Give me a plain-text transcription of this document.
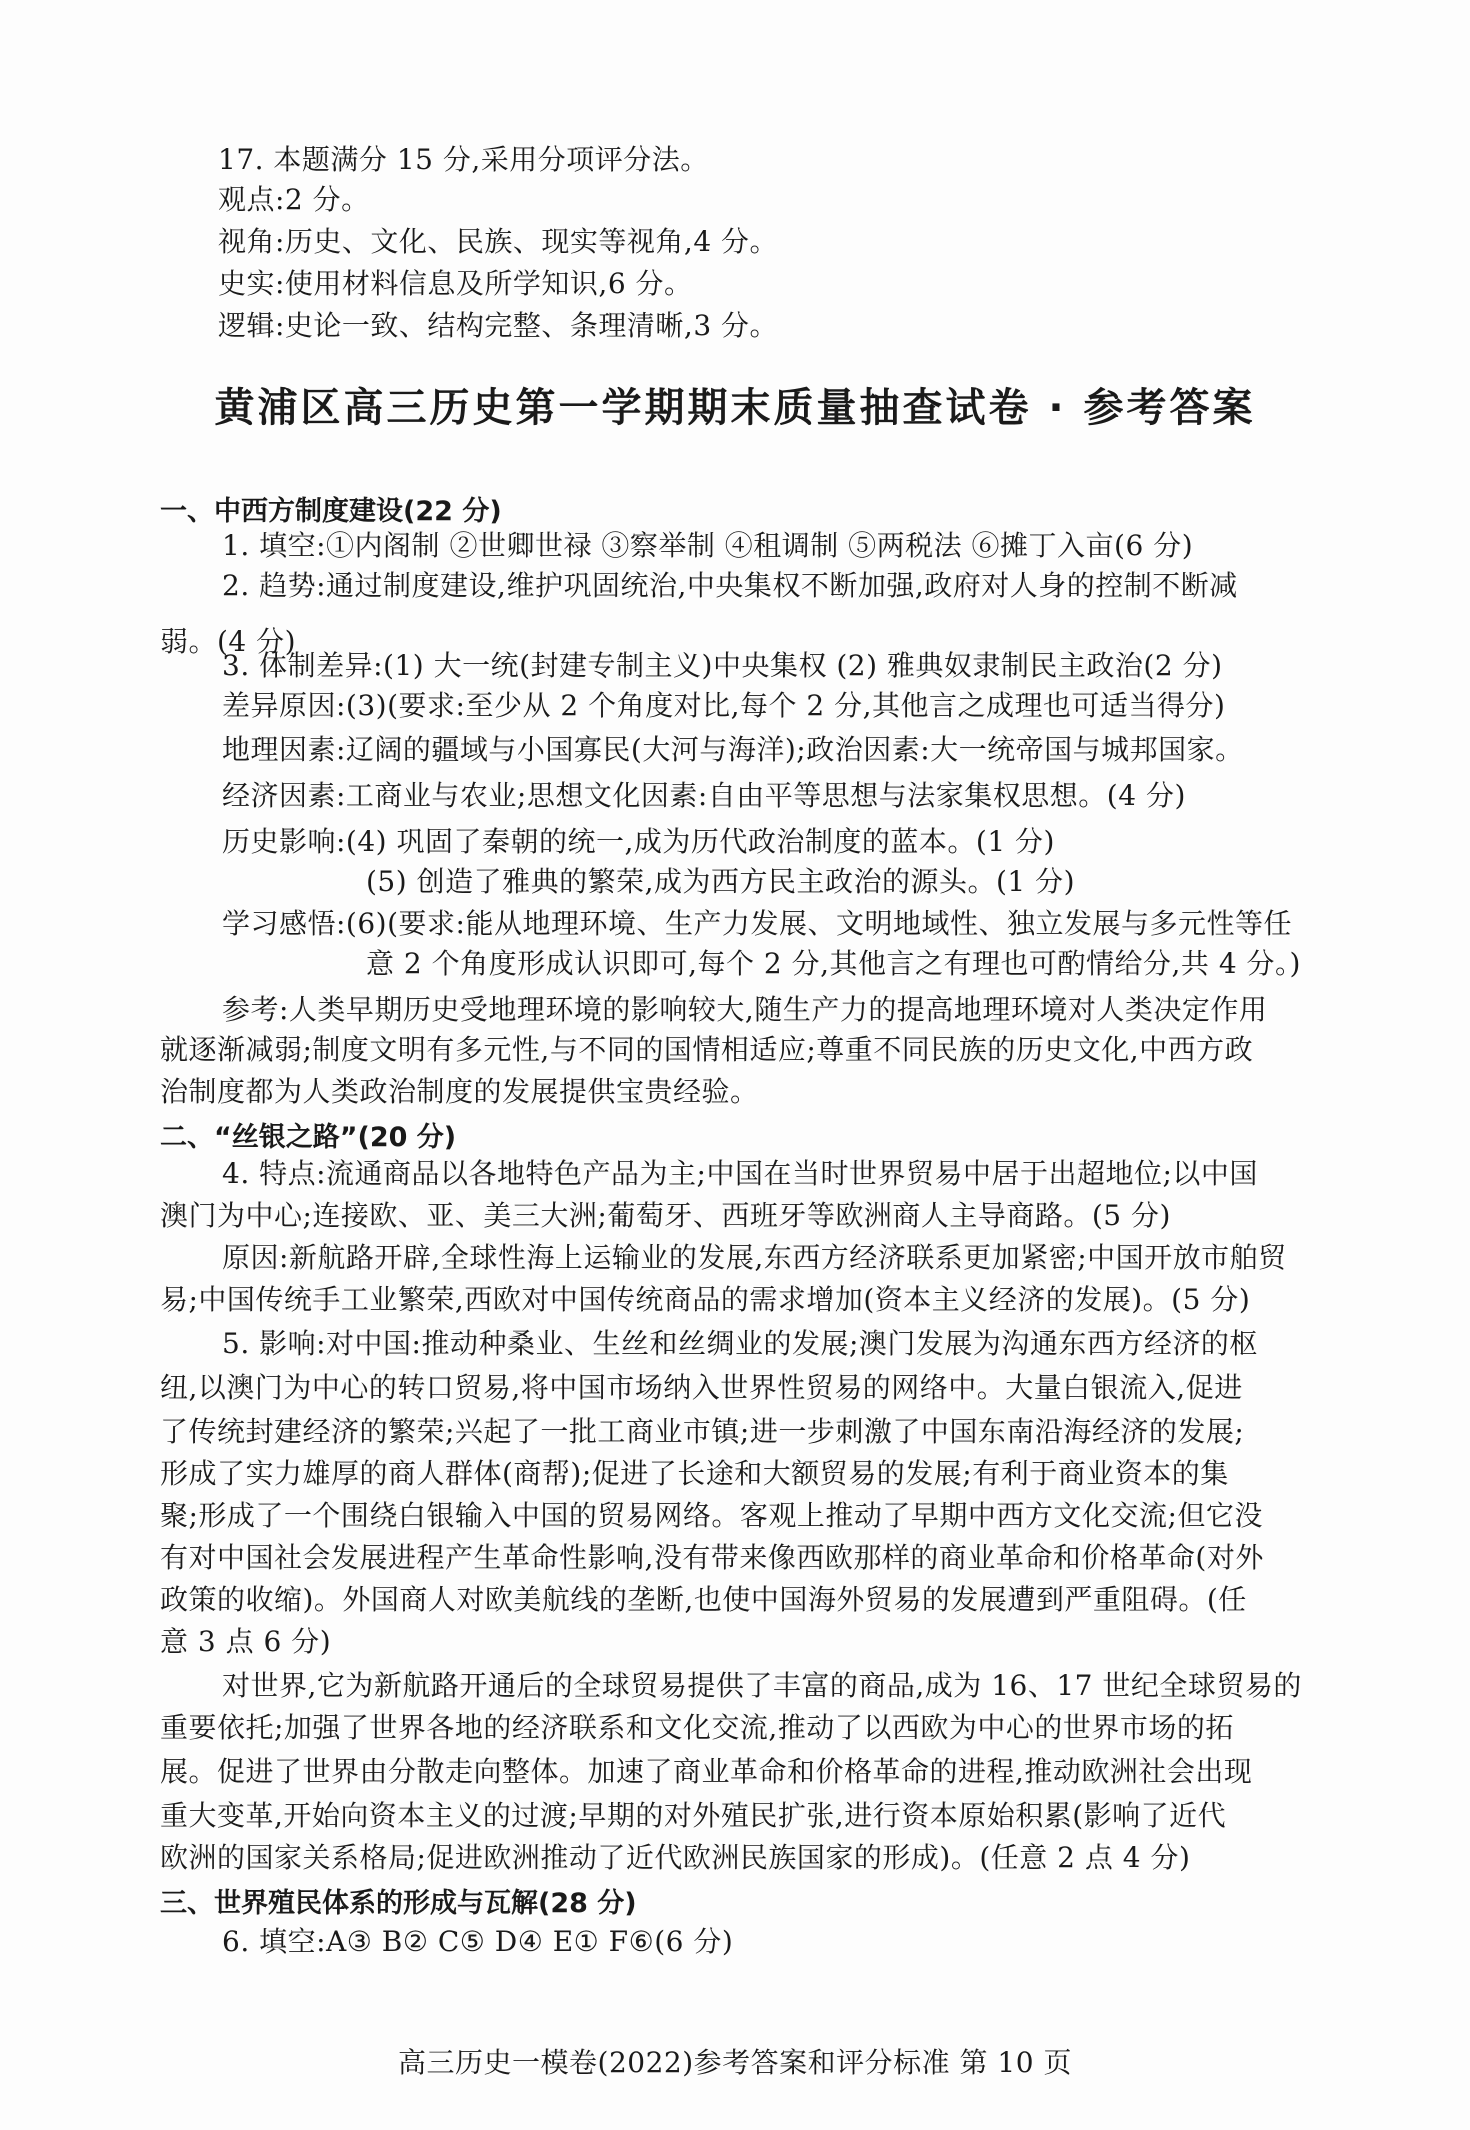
17. 本题满分 15 分,采用分项评分法。
观点:2 分。
视角:历史、文化、民族、现实等视角,4 分。
史实:使用材料信息及所学知识,6 分。
逻辑:史论一致、结构完整、条理清晰,3 分。
黄浦区高三历史第一学期期末质量抽查试卷 · 参考答案
一、中西方制度建设(22 分)
1. 填空:①内阁制 ②世卿世禄 ③察举制 ④租调制 ⑤两税法 ⑥摊丁入亩(6 分)
2. 趋势:通过制度建设,维护巩固统治,中央集权不断加强,政府对人身的控制不断减
弱。(4 分)
3. 体制差异:(1) 大一统(封建专制主义)中央集权 (2) 雅典奴隶制民主政治(2 分)
差异原因:(3)(要求:至少从 2 个角度对比,每个 2 分,其他言之成理也可适当得分)
地理因素:辽阔的疆域与小国寡民(大河与海洋);政治因素:大一统帝国与城邦国家。
经济因素:工商业与农业;思想文化因素:自由平等思想与法家集权思想。(4 分)
历史影响:(4) 巩固了秦朝的统一,成为历代政治制度的蓝本。(1 分)
(5) 创造了雅典的繁荣,成为西方民主政治的源头。(1 分)
学习感悟:(6)(要求:能从地理环境、生产力发展、文明地域性、独立发展与多元性等任
意 2 个角度形成认识即可,每个 2 分,其他言之有理也可酌情给分,共 4 分。)
参考:人类早期历史受地理环境的影响较大,随生产力的提高地理环境对人类决定作用
就逐渐减弱;制度文明有多元性,与不同的国情相适应;尊重不同民族的历史文化,中西方政
治制度都为人类政治制度的发展提供宝贵经验。
二、“丝银之路”(20 分)
4. 特点:流通商品以各地特色产品为主;中国在当时世界贸易中居于出超地位;以中国
澳门为中心;连接欧、亚、美三大洲;葡萄牙、西班牙等欧洲商人主导商路。(5 分)
原因:新航路开辟,全球性海上运输业的发展,东西方经济联系更加紧密;中国开放市舶贸
易;中国传统手工业繁荣,西欧对中国传统商品的需求增加(资本主义经济的发展)。(5 分)
5. 影响:对中国:推动种桑业、生丝和丝绸业的发展;澳门发展为沟通东西方经济的枢
纽,以澳门为中心的转口贸易,将中国市场纳入世界性贸易的网络中。大量白银流入,促进
了传统封建经济的繁荣;兴起了一批工商业市镇;进一步刺激了中国东南沿海经济的发展;
形成了实力雄厚的商人群体(商帮);促进了长途和大额贸易的发展;有利于商业资本的集
聚;形成了一个围绕白银输入中国的贸易网络。客观上推动了早期中西方文化交流;但它没
有对中国社会发展进程产生革命性影响,没有带来像西欧那样的商业革命和价格革命(对外
政策的收缩)。外国商人对欧美航线的垄断,也使中国海外贸易的发展遭到严重阻碍。(任
意 3 点 6 分)
对世界,它为新航路开通后的全球贸易提供了丰富的商品,成为 16、17 世纪全球贸易的
重要依托;加强了世界各地的经济联系和文化交流,推动了以西欧为中心的世界市场的拓
展。促进了世界由分散走向整体。加速了商业革命和价格革命的进程,推动欧洲社会出现
重大变革,开始向资本主义的过渡;早期的对外殖民扩张,进行资本原始积累(影响了近代
欧洲的国家关系格局;促进欧洲推动了近代欧洲民族国家的形成)。(任意 2 点 4 分)
三、世界殖民体系的形成与瓦解(28 分)
6. 填空:A③ B② C⑤ D④ E① F⑥(6 分)
高三历史一模卷(2022)参考答案和评分标准 第 10 页
